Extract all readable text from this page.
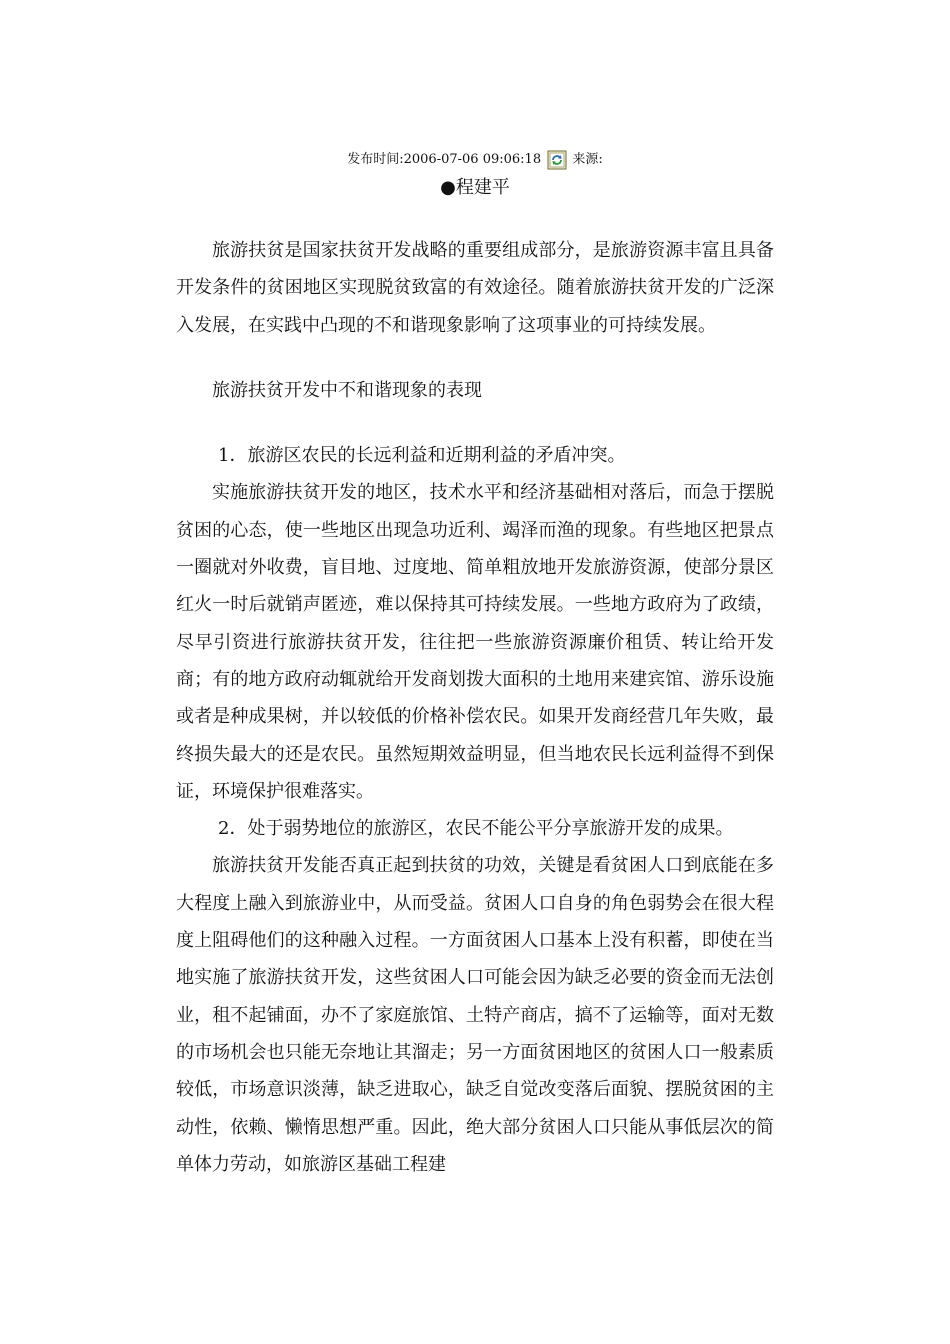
发布时间:2006-07-06 09:06:18 来源:
●程建平

旅游扶贫是国家扶贫开发战略的重要组成部分，是旅游资源丰富且具备开发条件的贫困地区实现脱贫致富的有效途径。随着旅游扶贫开发的广泛深入发展，在实践中凸现的不和谐现象影响了这项事业的可持续发展。

旅游扶贫开发中不和谐现象的表现

1．旅游区农民的长远利益和近期利益的矛盾冲突。

实施旅游扶贫开发的地区，技术水平和经济基础相对落后，而急于摆脱贫困的心态，使一些地区出现急功近利、竭泽而渔的现象。有些地区把景点一圈就对外收费，盲目地、过度地、简单粗放地开发旅游资源，使部分景区红火一时后就销声匿迹，难以保持其可持续发展。一些地方政府为了政绩，尽早引资进行旅游扶贫开发，往往把一些旅游资源廉价租赁、转让给开发商；有的地方政府动辄就给开发商划拨大面积的土地用来建宾馆、游乐设施或者是种成果树，并以较低的价格补偿农民。如果开发商经营几年失败，最终损失最大的还是农民。虽然短期效益明显，但当地农民长远利益得不到保证，环境保护很难落实。

2．处于弱势地位的旅游区，农民不能公平分享旅游开发的成果。

旅游扶贫开发能否真正起到扶贫的功效，关键是看贫困人口到底能在多大程度上融入到旅游业中，从而受益。贫困人口自身的角色弱势会在很大程度上阻碍他们的这种融入过程。一方面贫困人口基本上没有积蓄，即使在当地实施了旅游扶贫开发，这些贫困人口可能会因为缺乏必要的资金而无法创业，租不起铺面，办不了家庭旅馆、土特产商店，搞不了运输等，面对无数的市场机会也只能无奈地让其溜走；另一方面贫困地区的贫困人口一般素质较低，市场意识淡薄，缺乏进取心，缺乏自觉改变落后面貌、摆脱贫困的主动性，依赖、懒惰思想严重。因此，绝大部分贫困人口只能从事低层次的简单体力劳动，如旅游区基础工程建
